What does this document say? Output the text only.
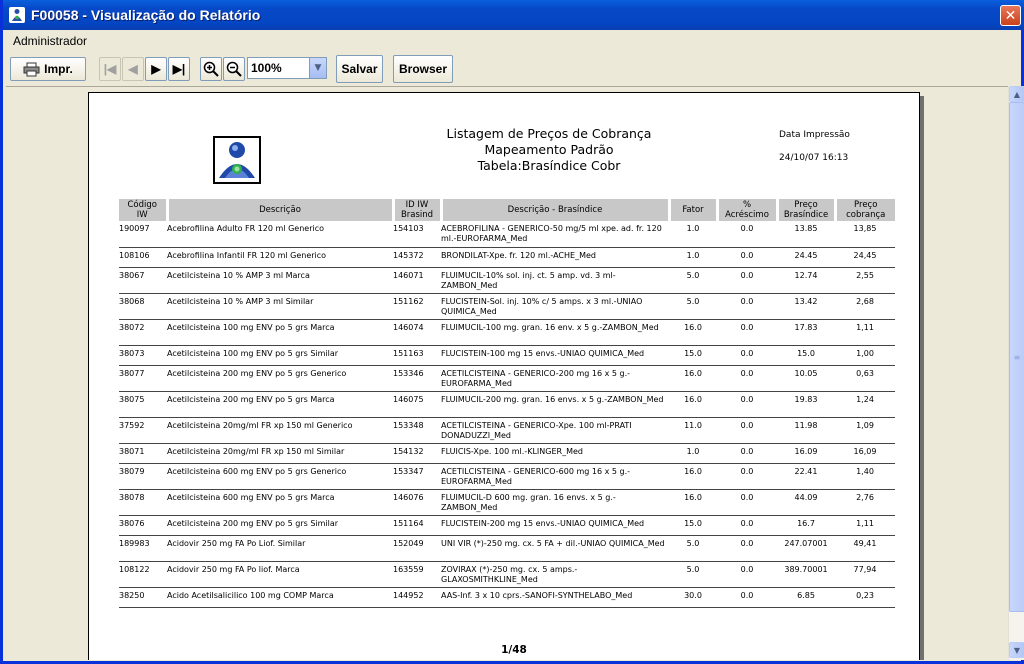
F00058 - Visualização do Relatório	✕
Administrador
Impr.	|◀ ◀ ▶ ▶|	100%	▼	Salvar	Browser
Listagem de Preços de Cobrança
Mapeamento Padrão
Tabela:Brasíndice Cobr
Data Impressão
24/10/07 16:13
Código IW	Descrição	ID IW Brasind	Descrição - Brasíndice	Fator	% Acréscimo	Preço Brasíndice	Preço cobrança
190097	Acebrofilina Adulto FR 120 ml Generico	154103	ACEBROFILINA - GENERICO-50 mg/5 ml xpe. ad. fr. 120 ml.-EUROFARMA_Med	1.0	0.0	13.85	13,85
108106	Acebrofilina Infantil FR 120 ml Generico	145372	BRONDILAT-Xpe. fr. 120 ml.-ACHE_Med	1.0	0.0	24.45	24,45
38067	Acetilcisteina 10 % AMP 3 ml Marca	146071	FLUIMUCIL-10% sol. inj. ct. 5 amp. vd. 3 ml-ZAMBON_Med	5.0	0.0	12.74	2,55
38068	Acetilcisteina 10 % AMP 3 ml Similar	151162	FLUCISTEIN-Sol. inj. 10% c/ 5 amps. x 3 ml.-UNIAO QUIMICA_Med	5.0	0.0	13.42	2,68
38072	Acetilcisteina 100 mg ENV po 5 grs Marca	146074	FLUIMUCIL-100 mg. gran. 16 env. x 5 g.-ZAMBON_Med	16.0	0.0	17.83	1,11
38073	Acetilcisteina 100 mg ENV po 5 grs Similar	151163	FLUCISTEIN-100 mg 15 envs.-UNIAO QUIMICA_Med	15.0	0.0	15.0	1,00
38077	Acetilcisteina 200 mg ENV po 5 grs Generico	153346	ACETILCISTEINA - GENERICO-200 mg 16 x 5 g.-EUROFARMA_Med	16.0	0.0	10.05	0,63
38075	Acetilcisteina 200 mg ENV po 5 grs Marca	146075	FLUIMUCIL-200 mg. gran. 16 envs. x 5 g.-ZAMBON_Med	16.0	0.0	19.83	1,24
37592	Acetilcisteina 20mg/ml FR xp 150 ml Generico	153348	ACETILCISTEINA - GENERICO-Xpe. 100 ml-PRATI DONADUZZI_Med	11.0	0.0	11.98	1,09
38071	Acetilcisteina 20mg/ml FR xp 150 ml Similar	154132	FLUICIS-Xpe. 100 ml.-KLINGER_Med	1.0	0.0	16.09	16,09
38079	Acetilcisteina 600 mg ENV po 5 grs Generico	153347	ACETILCISTEINA - GENERICO-600 mg 16 x 5 g.-EUROFARMA_Med	16.0	0.0	22.41	1,40
38078	Acetilcisteina 600 mg ENV po 5 grs Marca	146076	FLUIMUCIL-D 600 mg. gran. 16 envs. x 5 g.-ZAMBON_Med	16.0	0.0	44.09	2,76
38076	Acetilcisteina 200 mg ENV po 5 grs Similar	151164	FLUCISTEIN-200 mg 15 envs.-UNIAO QUIMICA_Med	15.0	0.0	16.7	1,11
189983	Acidovir 250 mg FA Po Liof. Similar	152049	UNI VIR (*)-250 mg. cx. 5 FA + dil.-UNIAO QUIMICA_Med	5.0	0.0	247.07001	49,41
108122	Acidovir 250 mg FA Po liof. Marca	163559	ZOVIRAX (*)-250 mg. cx. 5 amps.-GLAXOSMITHKLINE_Med	5.0	0.0	389.70001	77,94
38250	Acido Acetilsalicilico 100 mg COMP Marca	144952	AAS-Inf. 3 x 10 cprs.-SANOFI-SYNTHELABO_Med	30.0	0.0	6.85	0,23
1/48
▲
≡
▼
